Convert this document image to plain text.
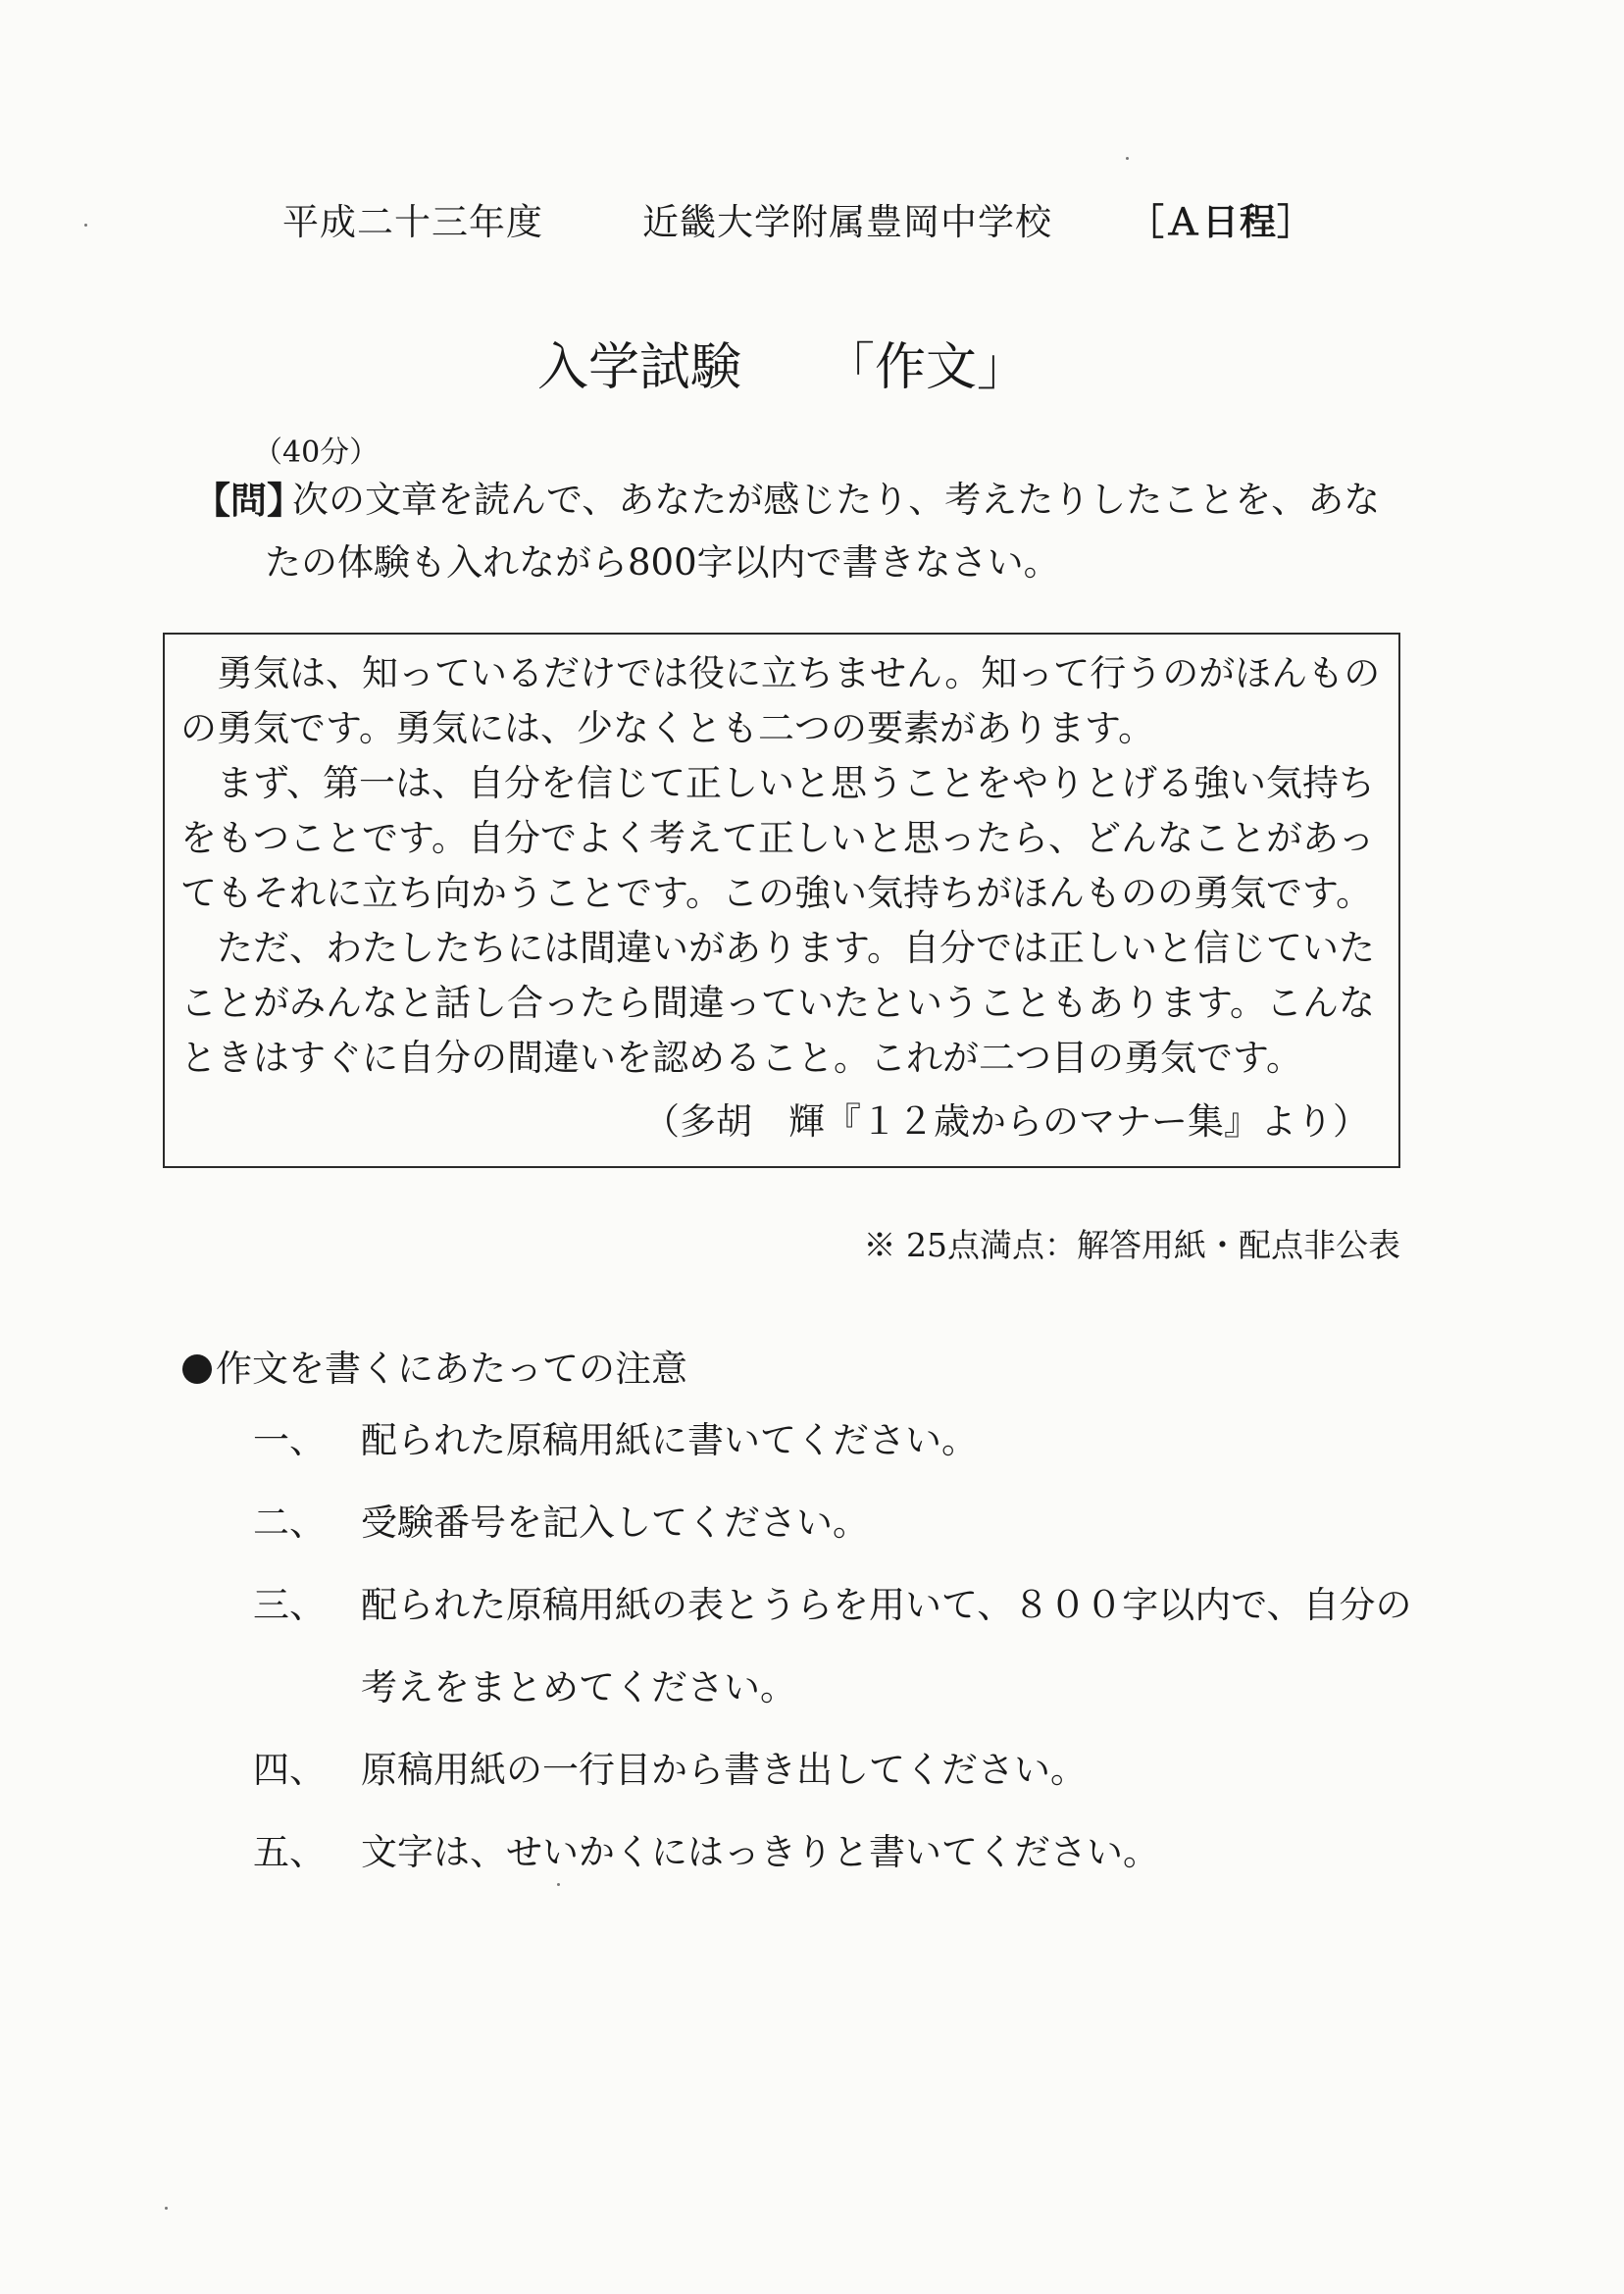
平成二十三年度	近畿大学附属豊岡中学校 ［Ａ日程］
入学試験 「作文」
（40分）
【問】
次の文章を読んで、あなたが感じたり、考えたりしたことを、あな
たの体験も入れながら800字以内で書きなさい。

勇気は、知っているだけでは役に立ちません。知って行うのがほんものの勇気です。勇気には、少なくとも二つの要素があります。

まず、第一は、自分を信じて正しいと思うことをやりとげる強い気持ちをもつことです。自分でよく考えて正しいと思ったら、どんなことがあってもそれに立ち向かうことです。この強い気持ちがほんものの勇気です。

ただ、わたしたちには間違いがあります。自分では正しいと信じていたことがみんなと話し合ったら間違っていたということもあります。こんなときはすぐに自分の間違いを認めること。これが二つ目の勇気です。

（多胡　輝『１２歳からのマナー集』より）
※ 25点満点：解答用紙・配点非公表
作文を書くにあたっての注意
一、 配られた原稿用紙に書いてください。
二、 受験番号を記入してください。
三、 配られた原稿用紙の表とうらを用いて、８００字以内で、自分の
考えをまとめてください。
四、 原稿用紙の一行目から書き出してください。
五、 文字は、せいかくにはっきりと書いてください。
